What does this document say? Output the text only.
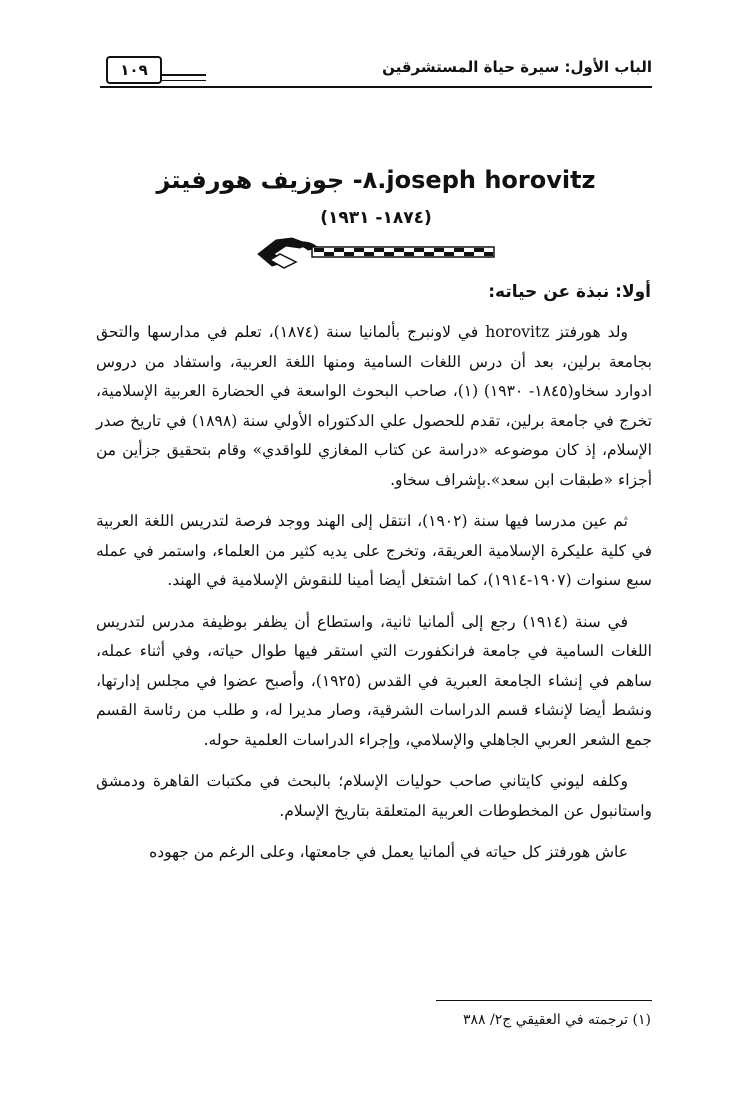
الباب الأول: سيرة حياة المستشرقين
١٠٩
٨- جوزيف هورفيتز.joseph horovitz
(١٨٧٤- ١٩٣١)
أولا: نبذة عن حياته:

ولد هورفتز horovitz في لاونبرج بألمانيا سنة (١٨٧٤)، تعلم في مدارسها والتحق بجامعة برلين، بعد أن درس اللغات السامية ومنها اللغة العربية، واستفاد من دروس ادوارد سخاو(١٨٤٥- ١٩٣٠) (١)، صاحب البحوث الواسعة في الحضارة العربية الإسلامية، تخرج في جامعة برلين، تقدم للحصول علي الدكتوراه الأولي سنة (١٨٩٨) في تاريخ صدر الإسلام، إذ كان موضوعه «دراسة عن كتاب المغازي للواقدي» وقام بتحقيق جزأين من أجزاء «طبقات ابن سعد».بإشراف سخاو.

ثم عين مدرسا فيها سنة (١٩٠٢)، انتقل إلى الهند ووجد فرصة لتدريس اللغة العربية في كلية عليكرة الإسلامية العريقة، وتخرج على يديه كثير من العلماء، واستمر في عمله سبع سنوات (١٩٠٧-١٩١٤)، كما اشتغل أيضا أمينا للنقوش الإسلامية في الهند.

في سنة (١٩١٤) رجع إلى ألمانيا ثانية، واستطاع أن يظفر بوظيفة مدرس لتدريس اللغات السامية في جامعة فرانكفورت التي استقر فيها طوال حياته، وفي أثناء عمله، ساهم في إنشاء الجامعة العبرية في القدس (١٩٢٥)، وأصبح عضوا في مجلس إدارتها، ونشط أيضا لإنشاء قسم الدراسات الشرقية، وصار مديرا له، و طلب من رئاسة القسم جمع الشعر العربي الجاهلي والإسلامي، وإجراء الدراسات العلمية حوله.

وكلفه ليوني كايتاني صاحب حوليات الإسلام؛ بالبحث في مكتبات القاهرة ودمشق واستانبول عن المخطوطات العربية المتعلقة بتاريخ الإسلام.

عاش هورفتز كل حياته في ألمانيا يعمل في جامعتها، وعلى الرغم من جهوده

(١) ترجمته في العقيقي ج٢/ ٣٨٨
